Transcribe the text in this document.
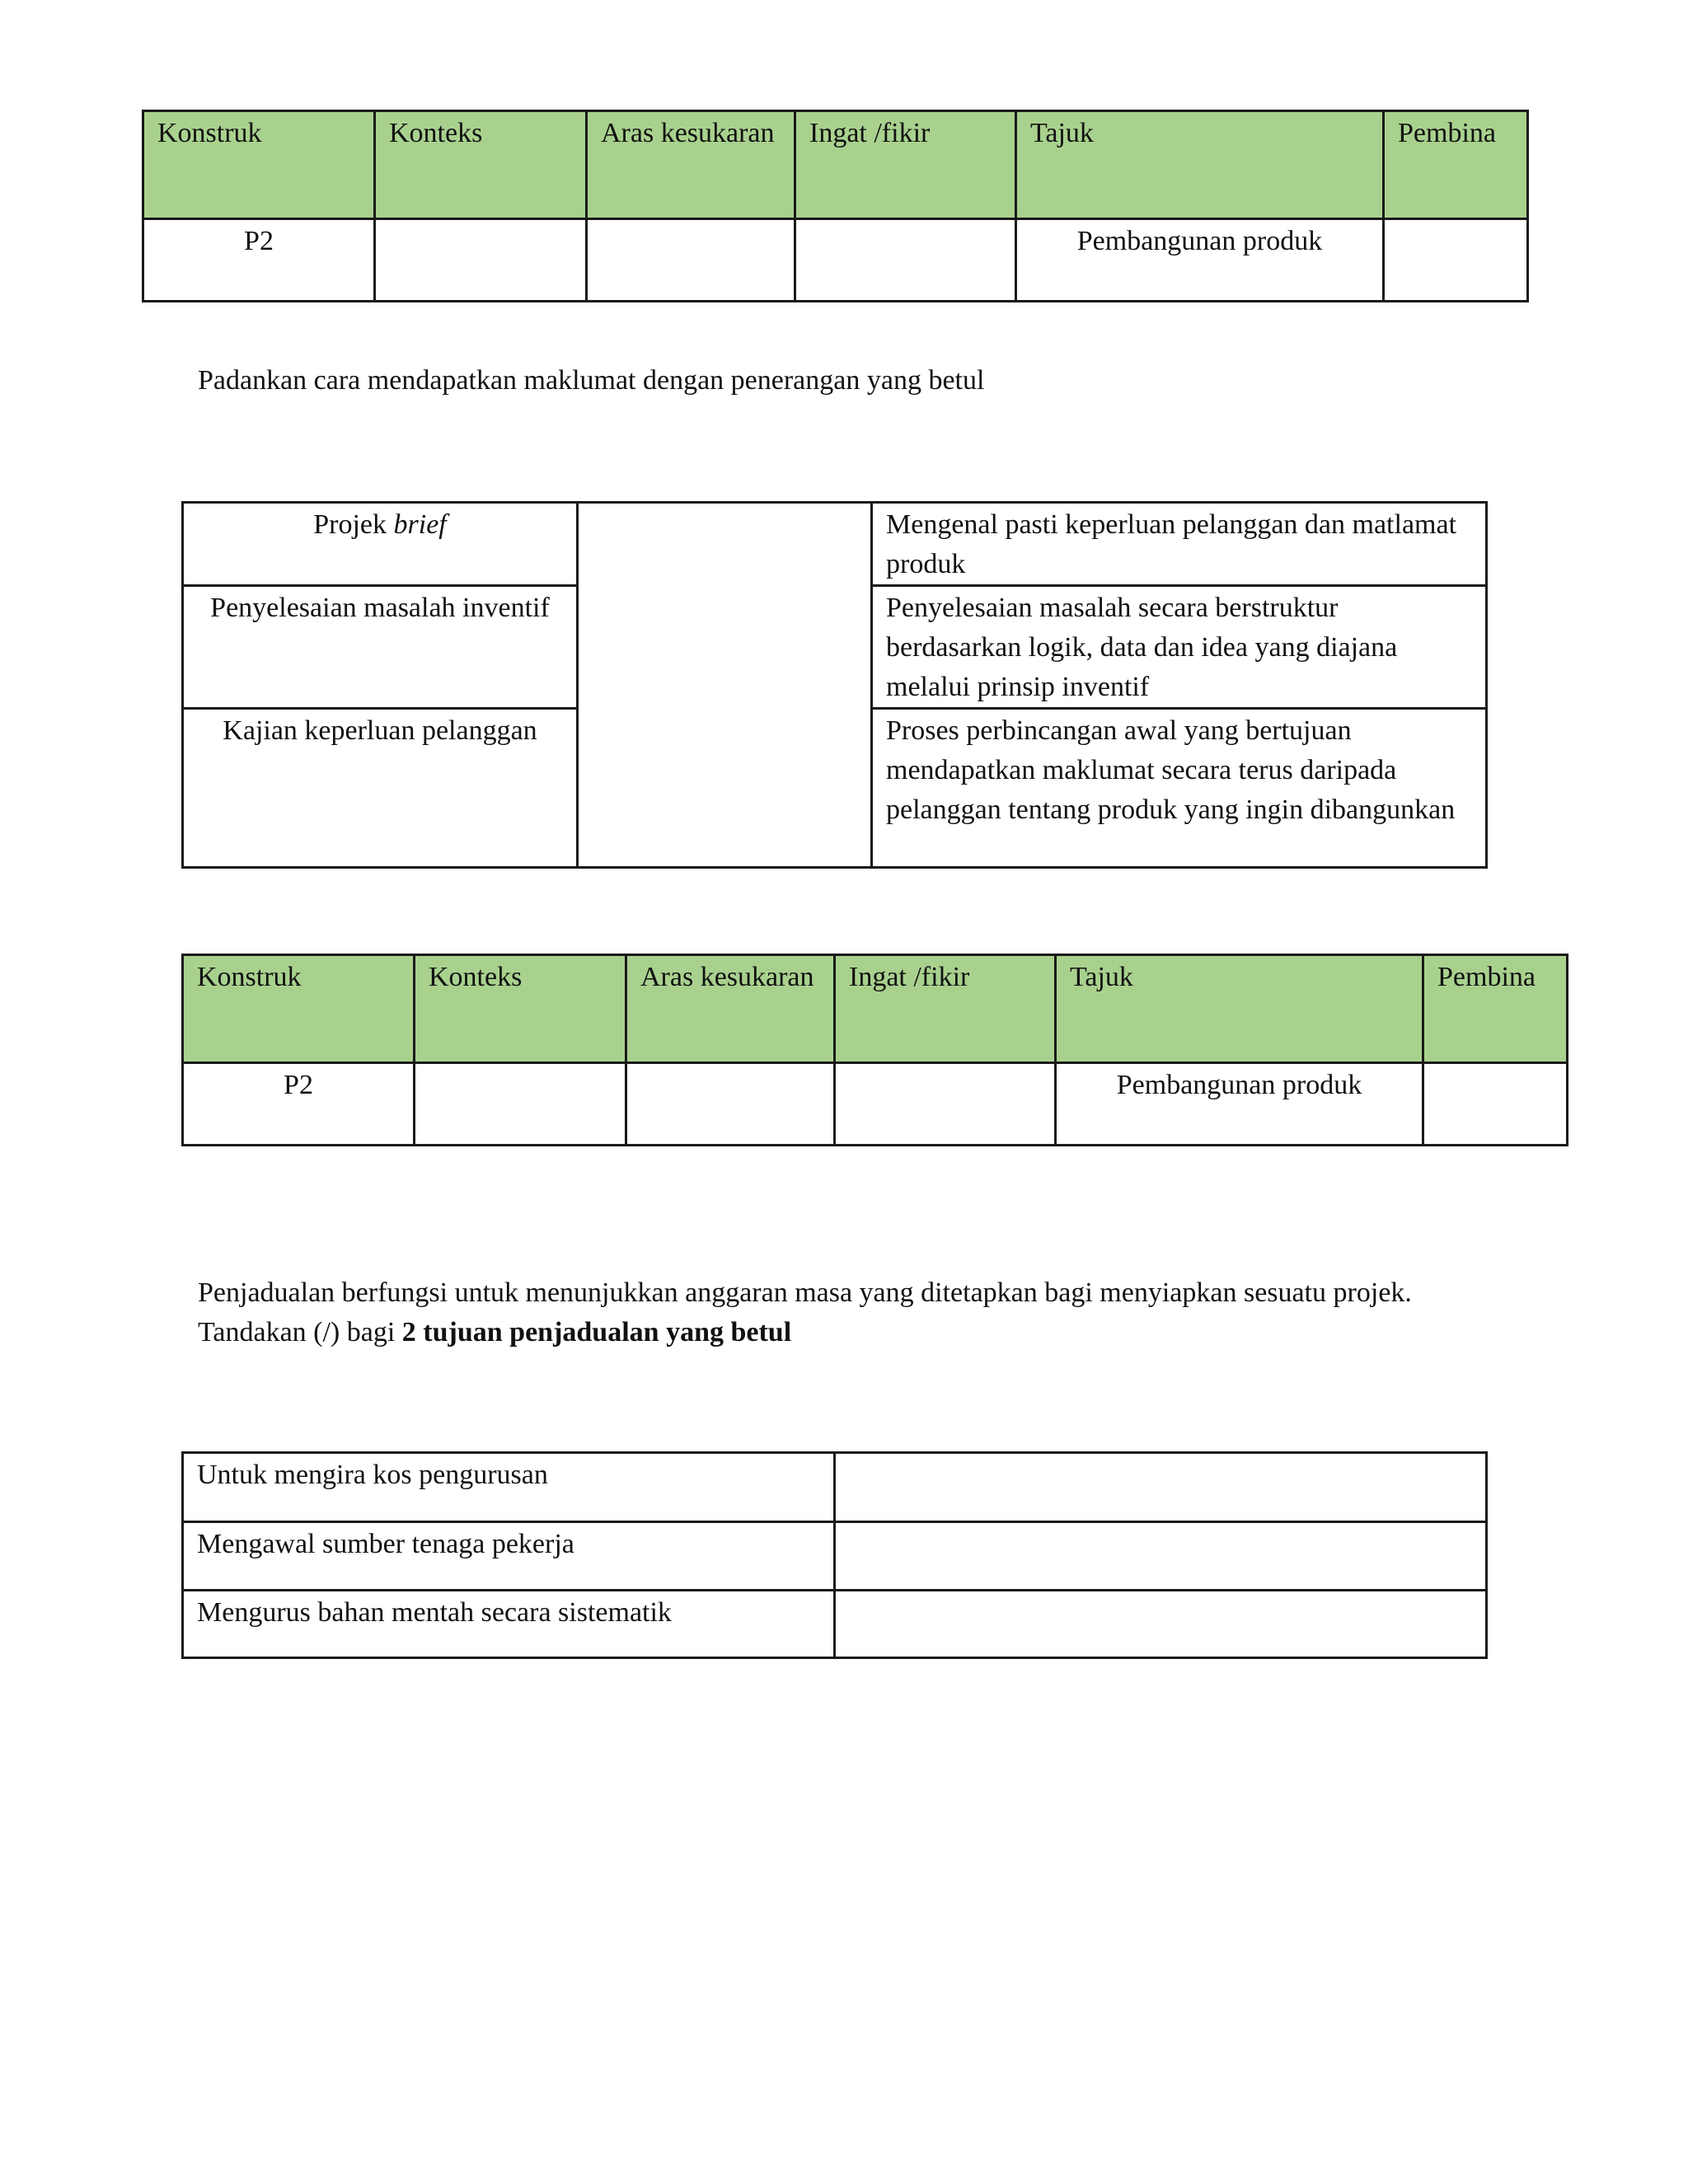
Konstruk	Konteks	Aras kesukaran	Ingat /fikir	Tajuk	Pembina
P2				Pembangunan produk	

Padankan cara mendapatkan maklumat dengan penerangan yang betul

Projek brief		Mengenal pasti keperluan pelanggan dan matlamat produk
Penyelesaian masalah inventif		Penyelesaian masalah secara berstruktur berdasarkan logik, data dan idea yang diajana melalui prinsip inventif
Kajian keperluan pelanggan		Proses perbincangan awal yang bertujuan mendapatkan maklumat secara terus daripada pelanggan tentang produk yang ingin dibangunkan
Konstruk	Konteks	Aras kesukaran	Ingat /fikir	Tajuk	Pembina
P2				Pembangunan produk	

Penjadualan berfungsi untuk menunjukkan anggaran masa yang ditetapkan bagi menyiapkan sesuatu projek. Tandakan (/) bagi 2 tujuan penjadualan yang betul

Untuk mengira kos pengurusan	
Mengawal sumber tenaga pekerja	
Mengurus bahan mentah secara sistematik	
